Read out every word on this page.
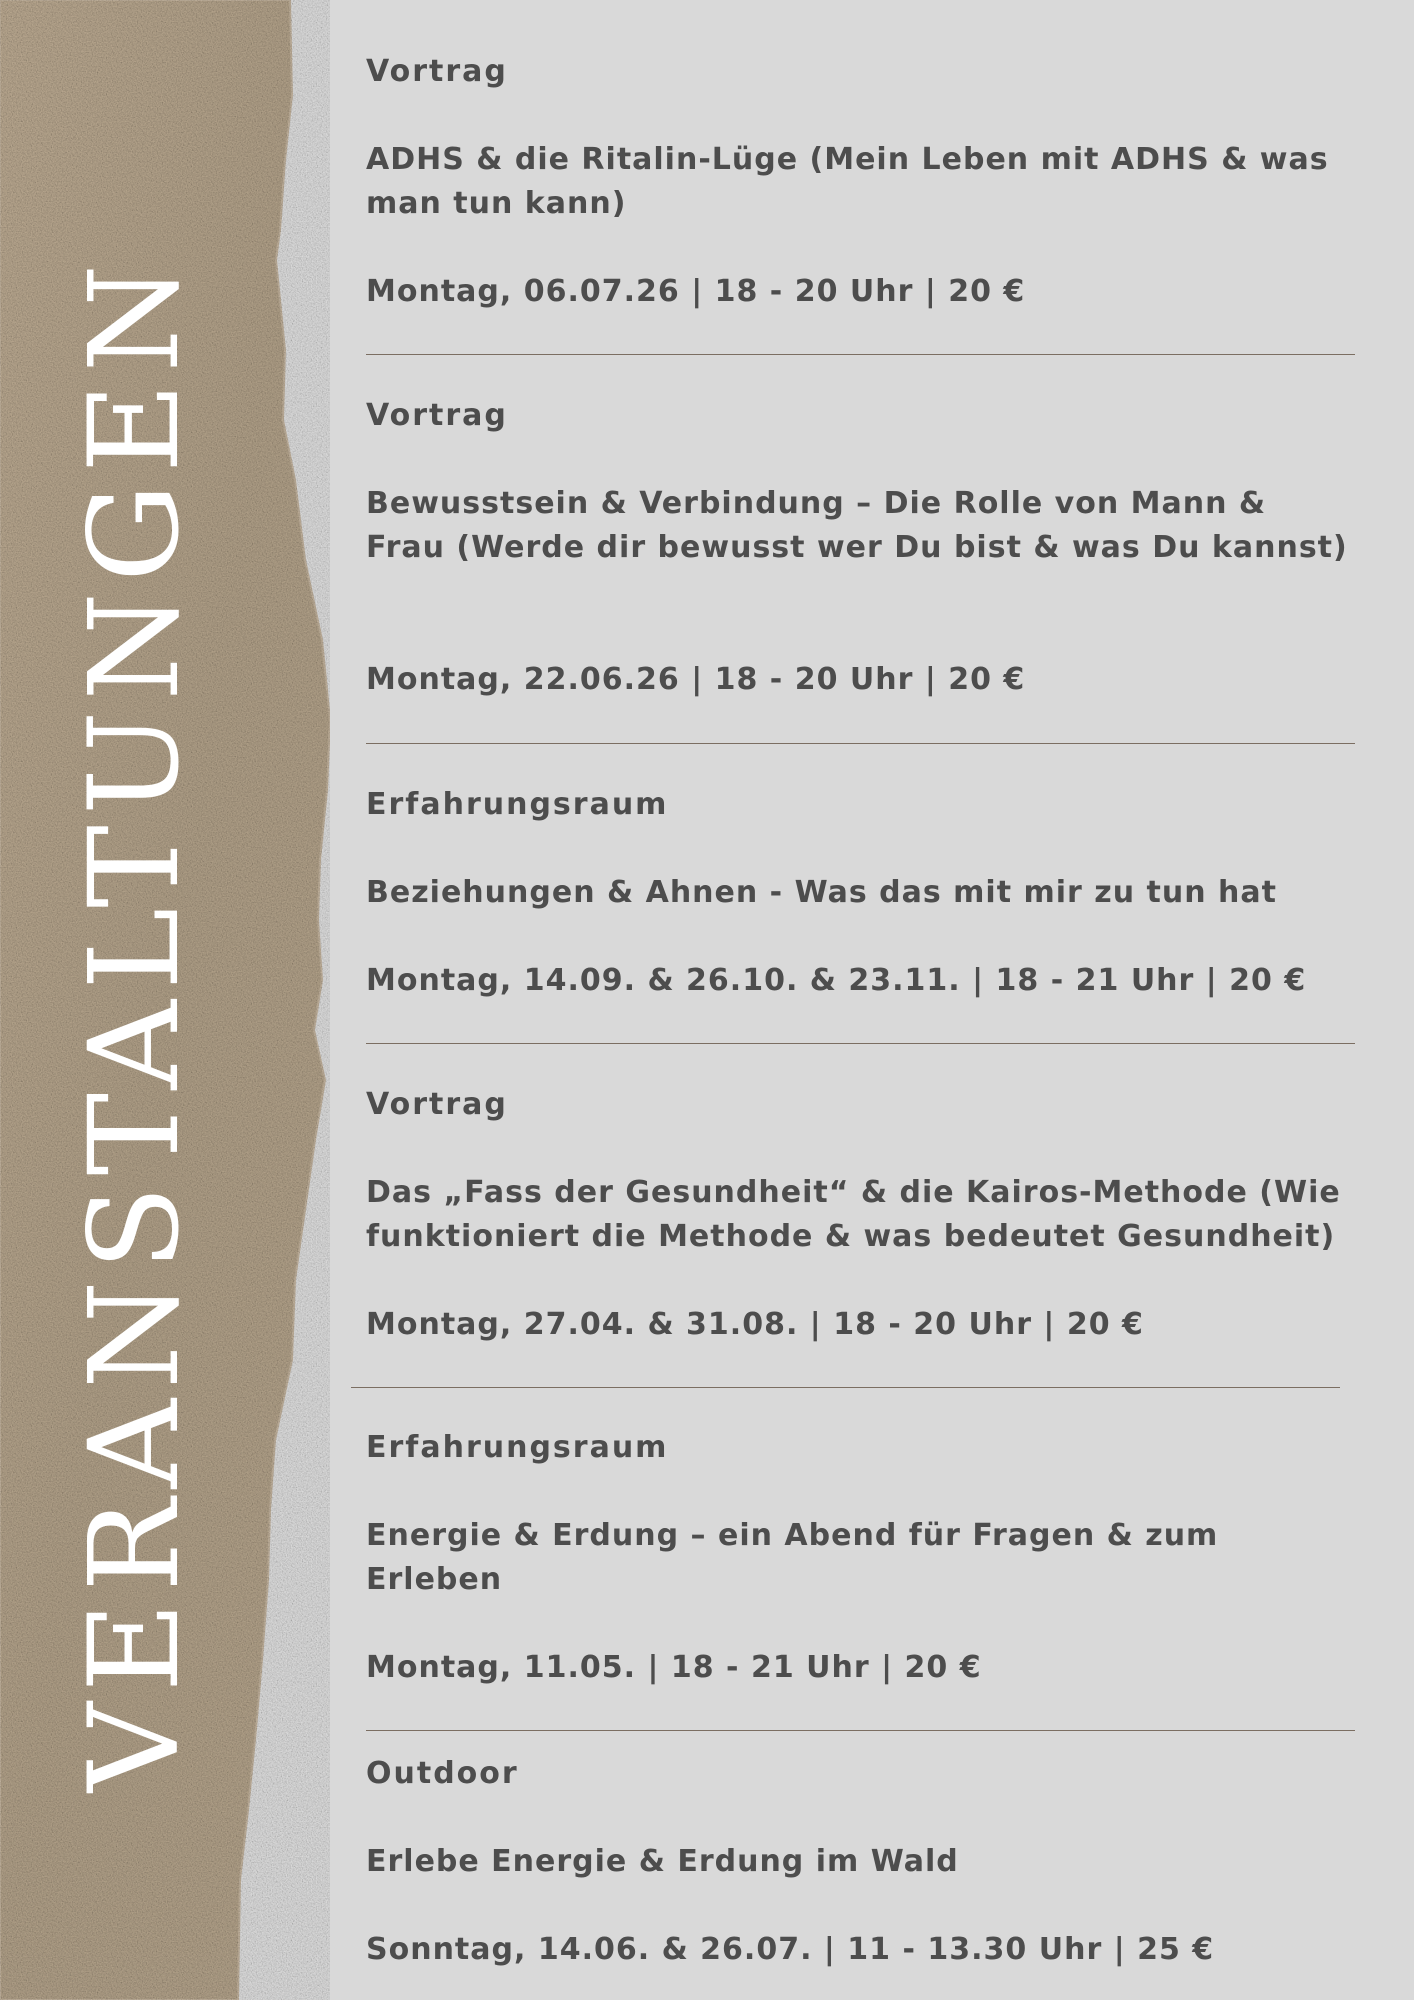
VERANSTALTUNGEN
Vortrag
ADHS & die Ritalin-Lüge (Mein Leben mit ADHS & was man tun kann)
Montag, 06.07.26 | 18 - 20 Uhr | 20 €
Vortrag
Bewusstsein & Verbindung – Die Rolle von Mann & Frau (Werde dir bewusst wer Du bist & was Du kannst)
Montag, 22.06.26 | 18 - 20 Uhr | 20 €
Erfahrungsraum
Beziehungen & Ahnen - Was das mit mir zu tun hat
Montag, 14.09. & 26.10. & 23.11. | 18 - 21 Uhr | 20 €
Vortrag
Das „Fass der Gesundheit“ & die Kairos-Methode (Wie funktioniert die Methode & was bedeutet Gesundheit)
Montag, 27.04. & 31.08. | 18 - 20 Uhr | 20 €
Erfahrungsraum
Energie & Erdung – ein Abend für Fragen & zum Erleben
Montag, 11.05. | 18 - 21 Uhr | 20 €
Outdoor
Erlebe Energie & Erdung im Wald
Sonntag, 14.06. & 26.07. | 11 - 13.30 Uhr | 25 €
